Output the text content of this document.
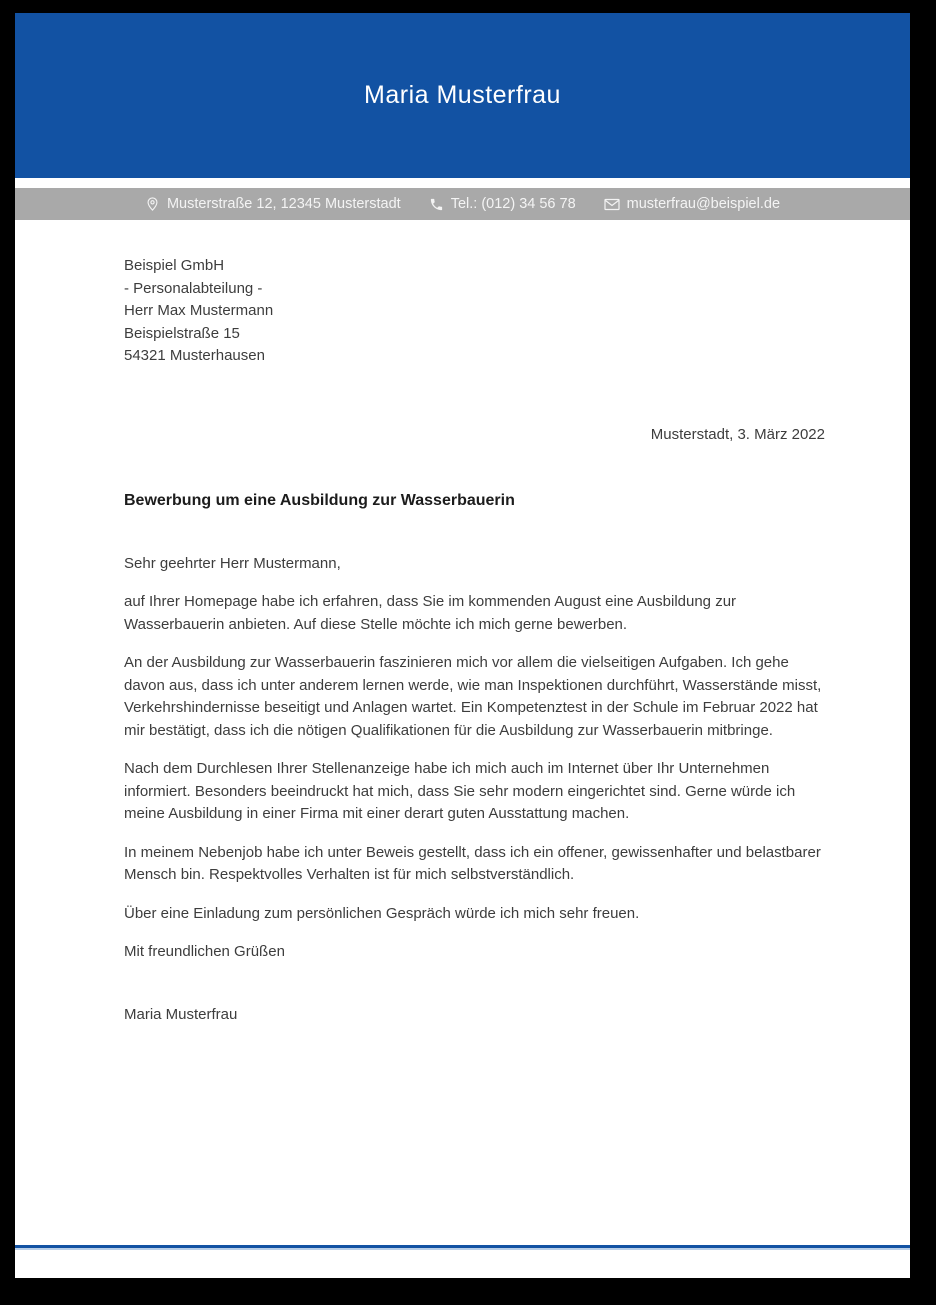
Maria Musterfrau
Musterstraße 12, 12345 Musterstadt	Tel.: (012) 34 56 78	musterfrau@beispiel.de
Beispiel GmbH
- Personalabteilung -
Herr Max Mustermann
Beispielstraße 15
54321 Musterhausen
Musterstadt, 3. März 2022
Bewerbung um eine Ausbildung zur Wasserbauerin

Sehr geehrter Herr Mustermann,

auf Ihrer Homepage habe ich erfahren, dass Sie im kommenden August eine Ausbildung zur Wasserbauerin anbieten. Auf diese Stelle möchte ich mich gerne bewerben.

An der Ausbildung zur Wasserbauerin faszinieren mich vor allem die vielseitigen Aufgaben. Ich gehe davon aus, dass ich unter anderem lernen werde, wie man Inspektionen durchführt, Wasserstände misst, Verkehrshindernisse beseitigt und Anlagen wartet. Ein Kompetenztest in der Schule im Februar 2022 hat mir bestätigt, dass ich die nötigen Qualifikationen für die Ausbildung zur Wasserbauerin mitbringe.

Nach dem Durchlesen Ihrer Stellenanzeige habe ich mich auch im Internet über Ihr Unternehmen informiert. Besonders beeindruckt hat mich, dass Sie sehr modern eingerichtet sind. Gerne würde ich meine Ausbildung in einer Firma mit einer derart guten Ausstattung machen.

In meinem Nebenjob habe ich unter Beweis gestellt, dass ich ein offener, gewissenhafter und belastbarer Mensch bin. Respektvolles Verhalten ist für mich selbstverständlich.

Über eine Einladung zum persönlichen Gespräch würde ich mich sehr freuen.

Mit freundlichen Grüßen

Maria Musterfrau
